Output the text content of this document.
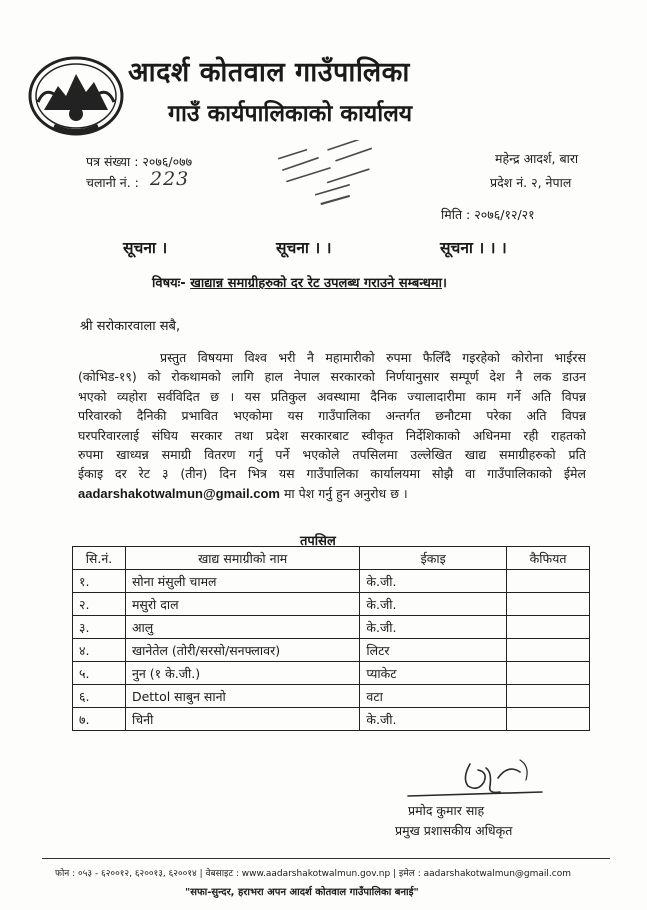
आदर्श कोतवाल गाउँपालिका
गाउँ कार्यपालिकाको कार्यालय
पत्र संख्या : २०७६/०७७
चलानी नं. : 223
महेन्द्र आदर्श, बारा
प्रदेश नं. २, नेपाल
मिति : २०७६/१२/२१
सूचना ।	सूचना । ।	सूचना । । ।
विषयः- खाद्यान्न समाग्रीहरुको दर रेट उपलब्ध गराउने सम्बन्धमा।
श्री सरोकारवाला सबै,

प्रस्तुत विषयमा विश्व भरी नै महामारीको रुपमा फैलिँदै गइरहेको कोरोना भाईरस

(कोभिड-१९) को रोकथामको लागि हाल नेपाल सरकारको निर्णयानुसार सम्पूर्ण देश नै लक डाउन

भएको व्यहोरा सर्वविदित छ । यस प्रतिकुल अवस्थामा दैनिक ज्यालादारीमा काम गर्ने अति विपन्न

परिवारको दैनिकी प्रभावित भएकोमा यस गाउँपालिका अन्तर्गत छनौटमा परेका अति विपन्न

घरपरिवारलाई संघिय सरकार तथा प्रदेश सरकारबाट स्वीकृत निर्देशिकाको अधिनमा रही राहतको

रुपमा खाध्यन्न समाग्री वितरण गर्नु पर्ने भएकोले तपसिलमा उल्लेखित खाद्य समाग्रीहरुको प्रति

ईकाइ दर रेट ३ (तीन) दिन भित्र यस गाउँपालिका कार्यालयमा सोझै वा गाउँपालिकाको ईमेल

aadarshakotwalmun@gmail.com मा पेश गर्नु हुन अनुरोध छ ।

तपसिल
सि.नं.	खाद्य समाग्रीको नाम	ईकाइ	कैफियत
१.	सोना मंसुली चामल	के.जी.	
२.	मसुरो दाल	के.जी.	
३.	आलु	के.जी.	
४.	खानेतेल (तोरी/सरसो/सनफ्लावर)	लिटर	
५.	नुन (१ के.जी.)	प्याकेट	
६.	Dettol साबुन सानो	वटा	
७.	चिनी	के.जी.	
प्रमोद कुमार साह
प्रमुख प्रशासकीय अधिकृत
फोन : ०५३ - ६२००१२, ६२००१३, ६२००१४ | वेबसाइट : www.aadarshakotwalmun.gov.np | इमेल : aadarshakotwalmun@gmail.com
"सफा-सुन्दर, हराभरा अपन आदर्श कोतवाल गाउँपालिका बनाई"
